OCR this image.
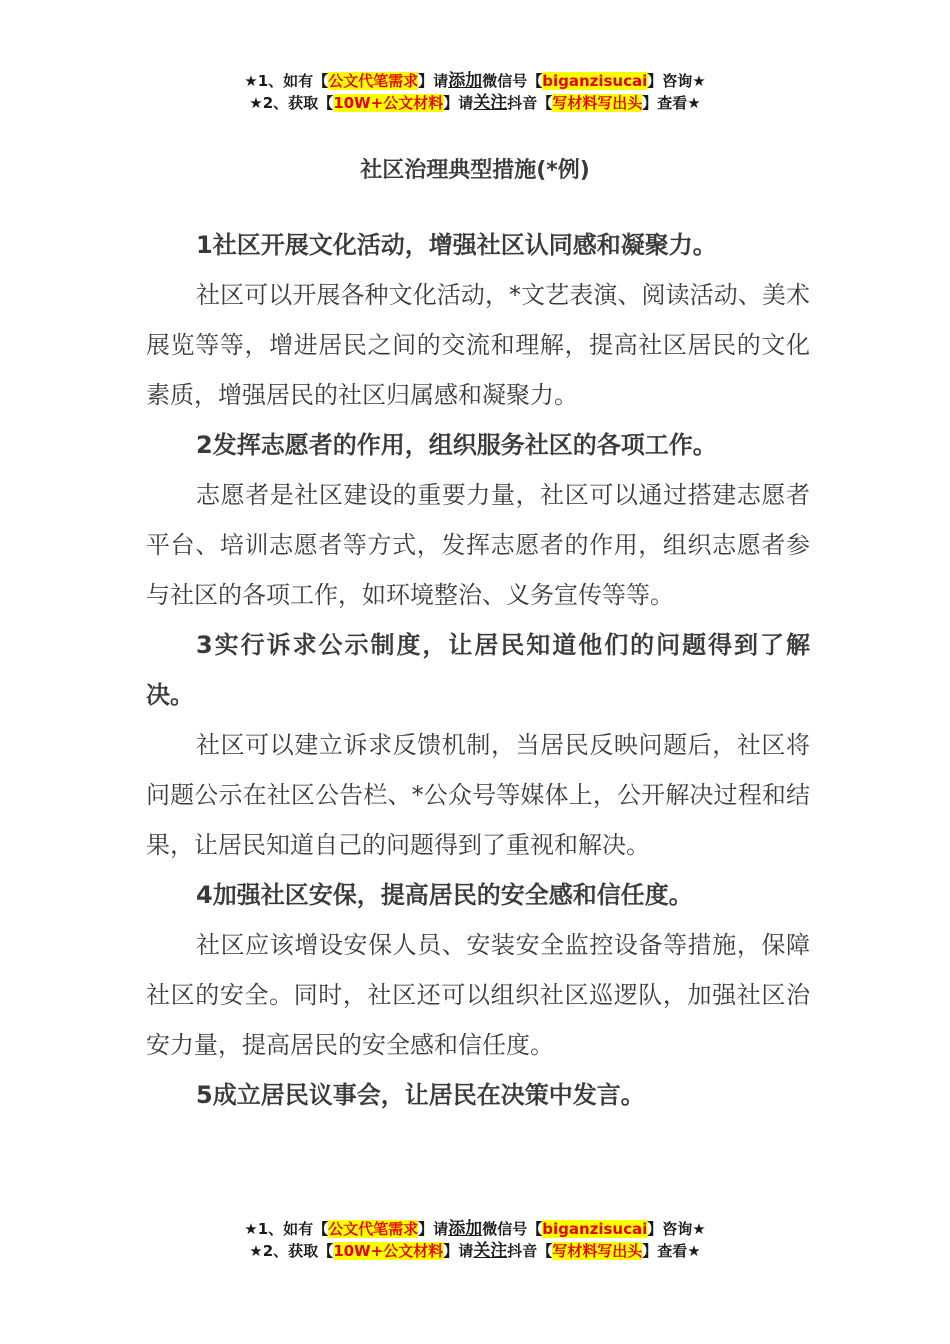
★1、如有【公文代笔需求】请添加微信号【biganzisucai】咨询★
★2、获取【10W+公文材料】请关注抖音【写材料写出头】查看★
社区治理典型措施(*例)

1社区开展文化活动，增强社区认同感和凝聚力。

社区可以开展各种文化活动，*文艺表演、阅读活动、美术展览等等，增进居民之间的交流和理解，提高社区居民的文化素质，增强居民的社区归属感和凝聚力。

2发挥志愿者的作用，组织服务社区的各项工作。

志愿者是社区建设的重要力量，社区可以通过搭建志愿者平台、培训志愿者等方式，发挥志愿者的作用，组织志愿者参与社区的各项工作，如环境整治、义务宣传等等。

3实行诉求公示制度，让居民知道他们的问题得到了解决。

社区可以建立诉求反馈机制，当居民反映问题后，社区将问题公示在社区公告栏、*公众号等媒体上，公开解决过程和结果，让居民知道自己的问题得到了重视和解决。

4加强社区安保，提高居民的安全感和信任度。

社区应该增设安保人员、安装安全监控设备等措施，保障社区的安全。同时，社区还可以组织社区巡逻队，加强社区治安力量，提高居民的安全感和信任度。

5成立居民议事会，让居民在决策中发言。

★1、如有【公文代笔需求】请添加微信号【biganzisucai】咨询★
★2、获取【10W+公文材料】请关注抖音【写材料写出头】查看★
